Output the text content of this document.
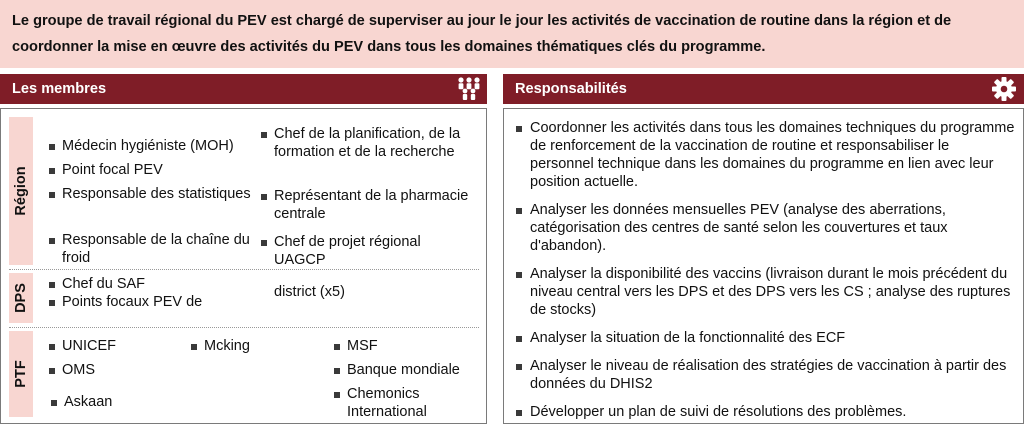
Le groupe de travail régional du PEV est chargé de superviser au jour le jour les activités de vaccination de routine dans la région et de coordonner la mise en œuvre des activités du PEV dans tous les domaines thématiques clés du programme.
Les membres	Responsabilités
Région
DPS
PTF
Médecin hygiéniste (MOH)
Point focal PEV
Responsable des statistiques
Responsable de la chaîne du froid
Chef de la planification, de la formation et de la recherche
Représentant de la pharmacie centrale
Chef de projet régional UAGCP
Chef du SAF
Points focaux PEV de
district (x5)
UNICEF
OMS
Askaan
Mcking	MSF
Banque mondiale
Chemonics International
Coordonner les activités dans tous les domaines techniques du programme de renforcement de la vaccination de routine et responsabiliser le personnel technique dans les domaines du programme en lien avec leur position actuelle.
Analyser les données mensuelles PEV (analyse des aberrations, catégorisation des centres de santé selon les couvertures et taux d'abandon).
Analyser la disponibilité des vaccins (livraison durant le mois précédent du niveau central vers les DPS et des DPS vers les CS ; analyse des ruptures de stocks)
Analyser la situation de la fonctionnalité des ECF
Analyser le niveau de réalisation des stratégies de vaccination à partir des données du DHIS2
Développer un plan de suivi de résolutions des problèmes.
